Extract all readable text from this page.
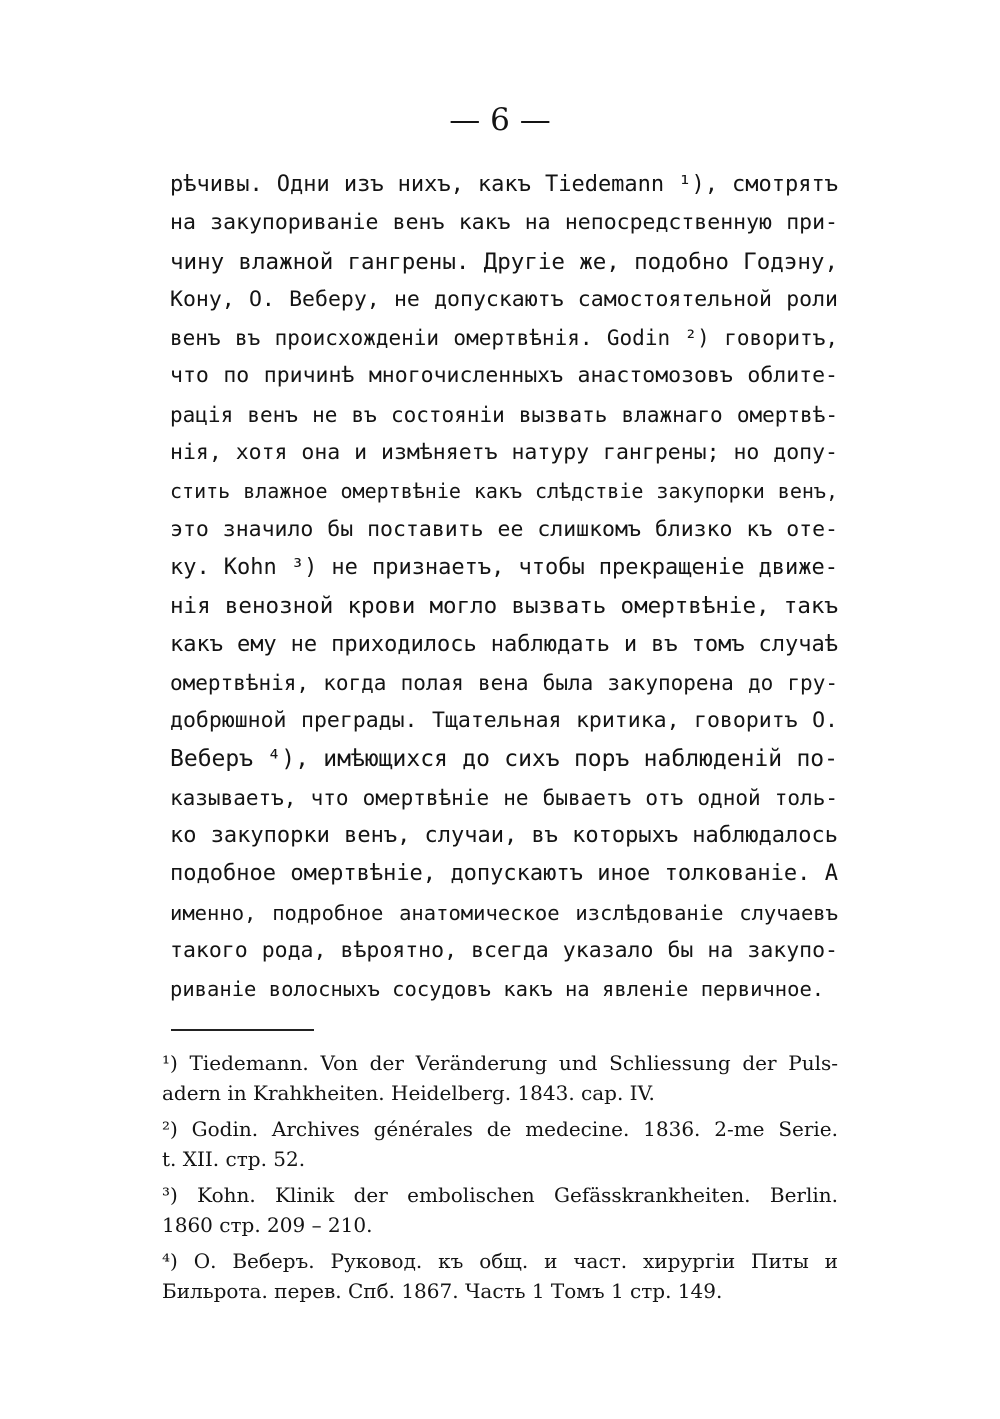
— 6 —
рѣчивы. Одни изъ нихъ, какъ Tiedemann ¹), смотрятъ
на закупориваніе венъ какъ на непосредственную при-
чину влажной гангрены. Другіе же, подобно Годэну,
Кону, О. Веберу, не допускаютъ самостоятельной роли
венъ въ происхожденіи омертвѣнія. Godin ²) говоритъ,
что по причинѣ многочисленныхъ анастомозовъ облите-
рація венъ не въ состояніи вызвать влажнаго омертвѣ-
нія, хотя она и измѣняетъ натуру гангрены; но допу-
стить влажное омертвѣніе какъ слѣдствіе закупорки венъ,
это значило бы поставить ее слишкомъ близко къ оте-
ку. Kohn ³) не признаетъ, чтобы прекращеніе движе-
нія венозной крови могло вызвать омертвѣніе, такъ
какъ ему не приходилось наблюдать и въ томъ случаѣ
омертвѣнія, когда полая вена была закупорена до гру-
добрюшной преграды. Тщательная критика, говоритъ О.
Веберъ ⁴), имѣющихся до сихъ поръ наблюденій по-
казываетъ, что омертвѣніе не бываетъ отъ одной толь-
ко закупорки венъ, случаи, въ которыхъ наблюдалось
подобное омертвѣніе, допускаютъ иное толкованіе. А
именно, подробное анатомическое изслѣдованіе случаевъ
такого рода, вѣроятно, всегда указало бы на закупо-
риваніе волосныхъ сосудовъ какъ на явленіе первичное.
¹) Tiedemann. Von der Veränderung und Schliessung der Puls-
adern in Krahkheiten. Heidelberg. 1843. cap. IV.
²) Godin. Archives générales de medecine. 1836. 2-me Serie.
t. XII. стр. 52.
³) Kohn. Klinik der embolischen Gefässkrankheiten. Berlin.
1860 стр. 209 – 210.
⁴) О. Веберъ. Руковод. къ общ. и част. хирургіи Питы и
Бильрота. перев. Спб. 1867. Часть 1 Томъ 1 стр. 149.
